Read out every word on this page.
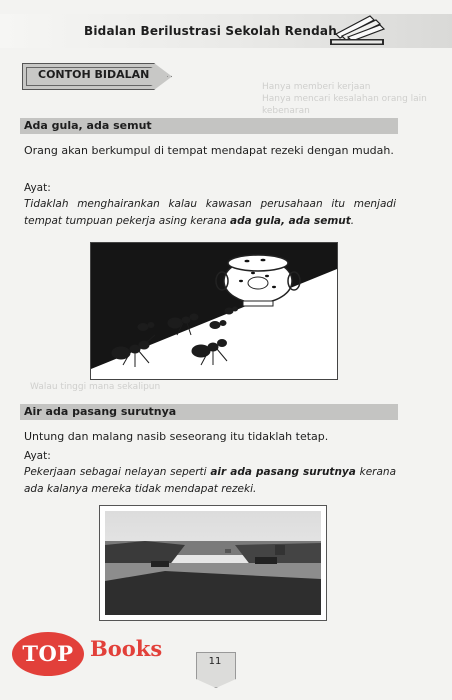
Bidalan Berilustrasi Sekolah Rendah
CONTOH BIDALAN
Hanya memberi kerjaan
Hanya mencari kesalahan orang lain
kebenaran
Walau tinggi mana sekalipun
Ada gula, ada semut
Orang akan berkumpul di tempat mendapat rezeki dengan mudah.
Ayat:
Tidaklah menghairankan kalau kawasan perusahaan itu menjadi tempat tumpuan pekerja asing kerana ada gula, ada semut.
Air ada pasang surutnya
Untung dan malang nasib seseorang itu tidaklah tetap.
Ayat:
Pekerjaan sebagai nelayan seperti air ada pasang surutnya kerana ada kalanya mereka tidak mendapat rezeki.
TOP Books
11
